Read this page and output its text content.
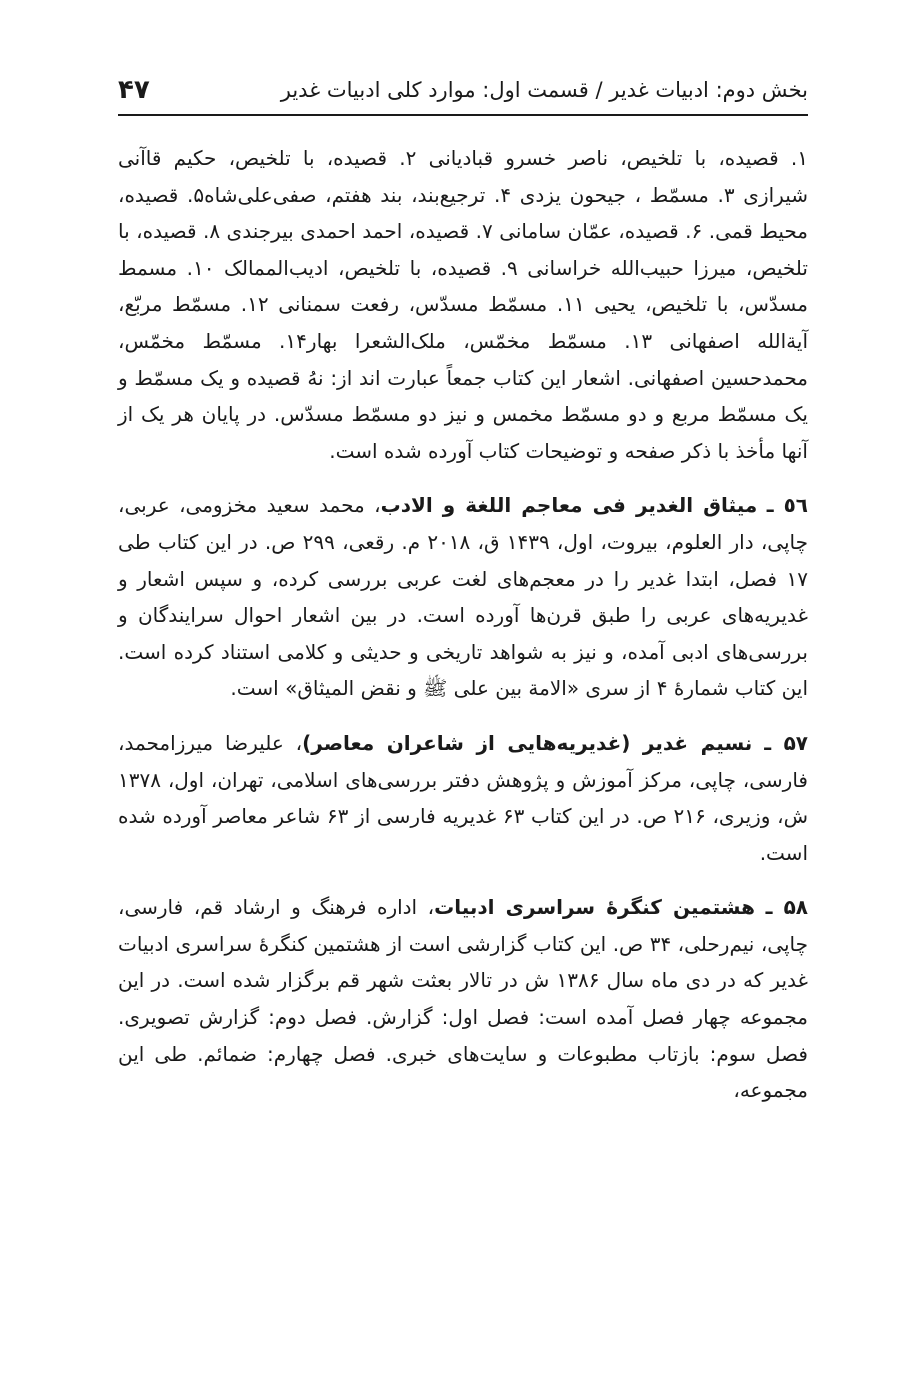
بخش دوم: ادبیات غدیر / قسمت اول: موارد کلی ادبیات غدیر
۴۷

۱. قصیده، با تلخیص، ناصر خسرو قبادیانی ۲. قصیده، با تلخیص، حکیم قاآنی شیرازی ۳. مسمّط ، جیحون یزدی ۴. ترجیع‌بند، بند هفتم، صفی‌علی‌شاه۵. قصیده، محیط قمی. ۶. قصیده، عمّان سامانی ۷. قصیده، احمد احمدی بیرجندی ۸. قصیده، با تلخیص، میرزا حبیب‌الله خراسانی ۹. قصیده، با تلخیص، ادیب‌الممالک ۱۰. مسمط مسدّس، با تلخیص، یحیی ۱۱. مسمّط مسدّس، رفعت سمنانی ۱۲. مسمّط مربّع، آیة‌الله اصفهانی ۱۳. مسمّط مخمّس، ملک‌الشعرا بهار۱۴. مسمّط مخمّس، محمدحسین اصفهانی. اشعار این کتاب جمعاً عبارت اند از: نهُ قصیده و یک مسمّط و یک مسمّط مربع و دو مسمّط مخمس و نیز دو مسمّط مسدّس. در پایان هر یک از آنها مأخذ با ذکر صفحه و توضیحات کتاب آورده شده است.

٥٦ ـ میثاق الغدیر فی معاجم اللغة و الادب، محمد سعید مخزومی، عربی، چاپی، دار العلوم، بیروت، اول، ۱۴۳۹ ق، ۲۰۱۸ م. رقعی، ۲۹۹ ص. در این کتاب طی ۱۷ فصل، ابتدا غدیر را در معجم‌های لغت عربی بررسی کرده، و سپس اشعار و غدیریه‌های عربی را طبق قرن‌ها آورده است. در بین اشعار احوال سرایندگان و بررسی‌های ادبی آمده، و نیز به شواهد تاریخی و حدیثی و کلامی استناد کرده است. این کتاب شمارهٔ ۴ از سری «الامة بین علی ﷺ و نقض المیثاق» است.

۵۷ ـ نسیم غدیر (غدیریه‌هایی از شاعران معاصر)، علیرضا میرزامحمد، فارسی، چاپی، مرکز آموزش و پژوهش دفتر بررسی‌های اسلامی، تهران، اول، ۱۳۷۸ ش، وزیری، ۲۱۶ ص. در این کتاب ۶۳ غدیریه فارسی از ۶۳ شاعر معاصر آورده شده است.

۵۸ ـ هشتمین کنگرهٔ سراسری ادبیات، اداره فرهنگ و ارشاد قم، فارسی، چاپی، نیم‌رحلی، ۳۴ ص. این کتاب گزارشی است از هشتمین کنگرهٔ سراسری ادبیات غدیر که در دی ماه سال ۱۳۸۶ ش در تالار بعثت شهر قم برگزار شده است. در این مجموعه چهار فصل آمده است: فصل اول: گزارش. فصل دوم: گزارش تصویری. فصل سوم: بازتاب مطبوعات و سایت‌های خبری. فصل چهارم: ضمائم. طی این مجموعه،
